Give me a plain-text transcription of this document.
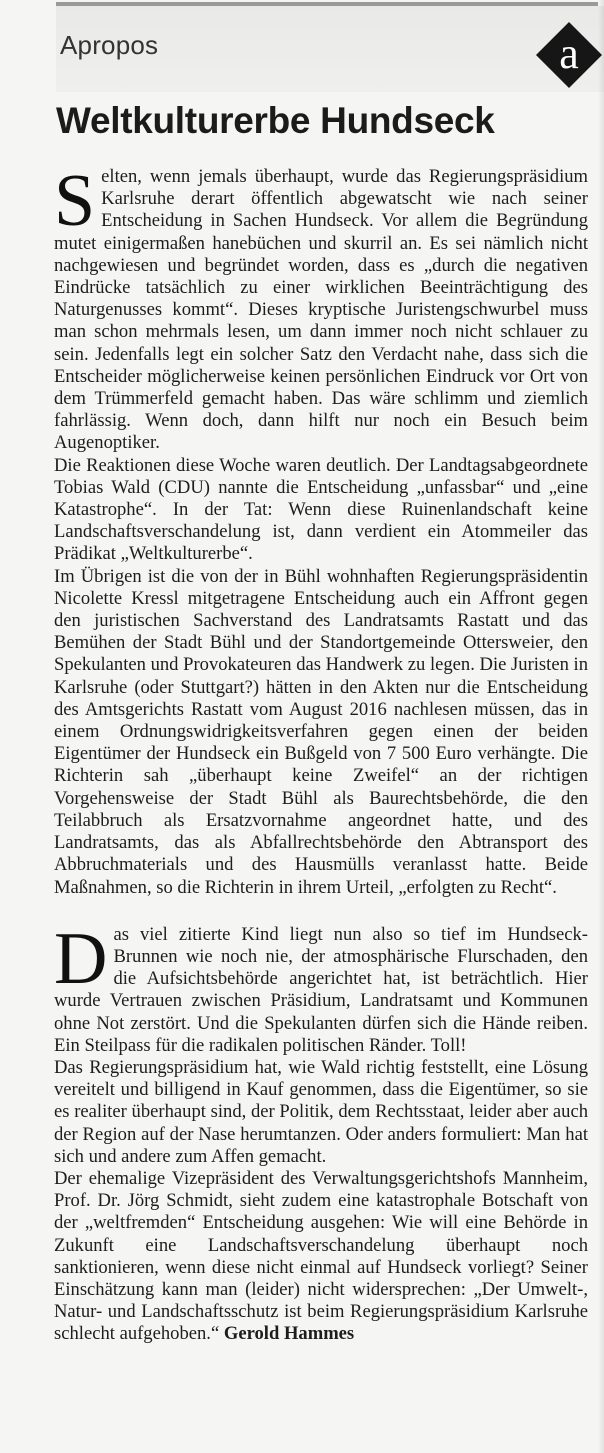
Apropos	a
Weltkulturerbe Hundseck

Selten, wenn jemals überhaupt, wurde das Regierungspräsidium Karlsruhe derart öffentlich abgewatscht wie nach seiner Entscheidung in Sachen Hundseck. Vor allem die Begründung mutet einigermaßen hanebüchen und skurril an. Es sei nämlich nicht nachgewiesen und begründet worden, dass es „durch die negativen Eindrücke tatsächlich zu einer wirklichen Beeinträchtigung des Naturgenusses kommt“. Dieses kryptische Juristengschwurbel muss man schon mehrmals lesen, um dann immer noch nicht schlauer zu sein. Jedenfalls legt ein solcher Satz den Verdacht nahe, dass sich die Entscheider möglicherweise keinen persönlichen Eindruck vor Ort von dem Trümmerfeld gemacht haben. Das wäre schlimm und ziemlich fahrlässig. Wenn doch, dann hilft nur noch ein Besuch beim Augenoptiker.

Die Reaktionen diese Woche waren deutlich. Der Landtagsabgeordnete Tobias Wald (CDU) nannte die Entscheidung „unfassbar“ und „eine Katastrophe“. In der Tat: Wenn diese Ruinenlandschaft keine Landschaftsverschandelung ist, dann verdient ein Atommeiler das Prädikat „Weltkulturerbe“.

Im Übrigen ist die von der in Bühl wohnhaften Regierungspräsidentin Nicolette Kressl mitgetragene Entscheidung auch ein Affront gegen den juristischen Sachverstand des Landratsamts Rastatt und das Bemühen der Stadt Bühl und der Standortgemeinde Ottersweier, den Spekulanten und Provokateuren das Handwerk zu legen. Die Juristen in Karlsruhe (oder Stuttgart?) hätten in den Akten nur die Entscheidung des Amtsgerichts Rastatt vom August 2016 nachlesen müssen, das in einem Ordnungswidrigkeitsverfahren gegen einen der beiden Eigentümer der Hundseck ein Bußgeld von 7 500 Euro verhängte. Die Richterin sah „überhaupt keine Zweifel“ an der richtigen Vorgehensweise der Stadt Bühl als Baurechtsbehörde, die den Teilabbruch als Ersatzvornahme angeordnet hatte, und des Landratsamts, das als Abfallrechtsbehörde den Abtransport des Abbruchmaterials und des Hausmülls veranlasst hatte. Beide Maßnahmen, so die Richterin in ihrem Urteil, „erfolgten zu Recht“.

Das viel zitierte Kind liegt nun also so tief im Hundseck-Brunnen wie noch nie, der atmosphärische Flurschaden, den die Aufsichtsbehörde angerichtet hat, ist beträchtlich. Hier wurde Vertrauen zwischen Präsidium, Landratsamt und Kommunen ohne Not zerstört. Und die Spekulanten dürfen sich die Hände reiben. Ein Steilpass für die radikalen politischen Ränder. Toll!

Das Regierungspräsidium hat, wie Wald richtig feststellt, eine Lösung vereitelt und billigend in Kauf genommen, dass die Eigentümer, so sie es realiter überhaupt sind, der Politik, dem Rechtsstaat, leider aber auch der Region auf der Nase herumtanzen. Oder anders formuliert: Man hat sich und andere zum Affen gemacht.

Der ehemalige Vizepräsident des Verwaltungsgerichtshofs Mannheim, Prof. Dr. Jörg Schmidt, sieht zudem eine katastrophale Botschaft von der „weltfremden“ Entscheidung ausgehen: Wie will eine Behörde in Zukunft eine Landschaftsverschandelung überhaupt noch sanktionieren, wenn diese nicht einmal auf Hundseck vorliegt? Seiner Einschätzung kann man (leider) nicht widersprechen: „Der Umwelt-, Natur- und Landschaftsschutz ist beim Regierungspräsidium Karlsruhe schlecht aufgehoben.“ Gerold Hammes
